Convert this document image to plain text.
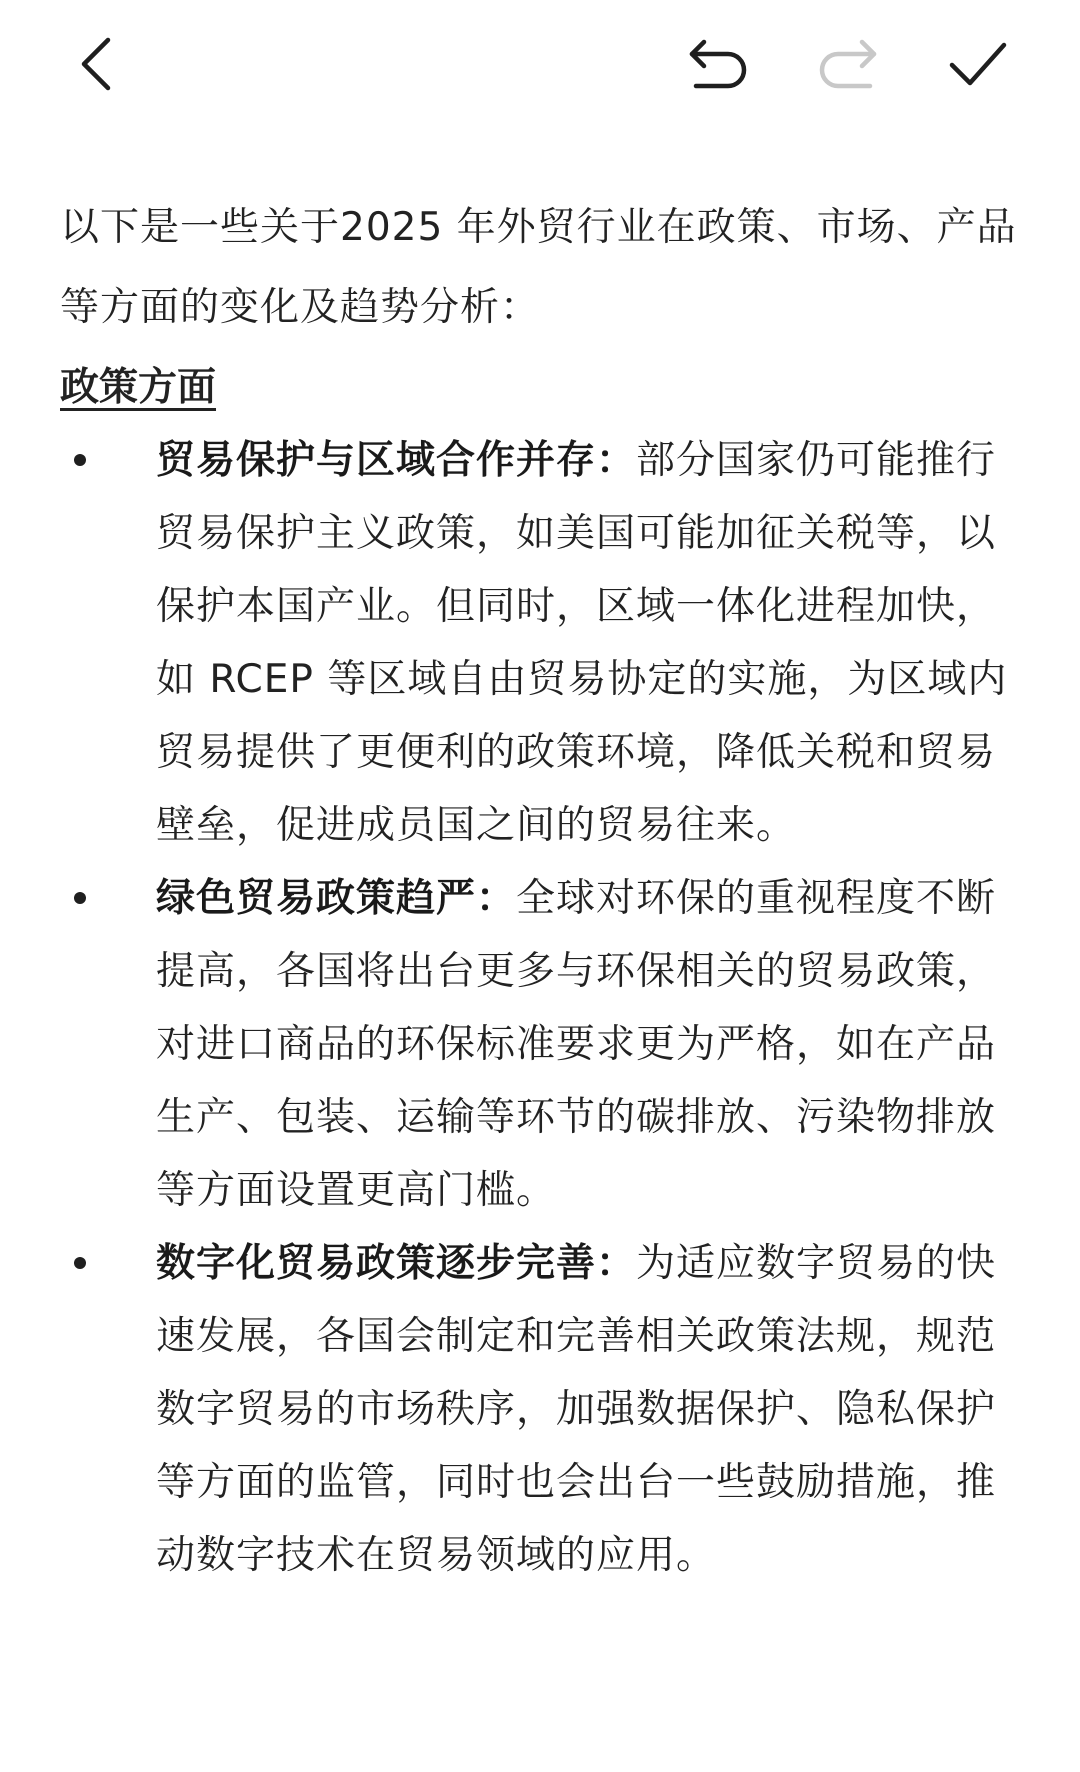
以下是一些关于2025 年外贸行业在政策、市场、产品等方面的变化及趋势分析：

政策方面
贸易保护与区域合作并存：部分国家仍可能推行贸易保护主义政策，如美国可能加征关税等，以保护本国产业。但同时，区域一体化进程加快，如 RCEP 等区域自由贸易协定的实施，为区域内贸易提供了更便利的政策环境，降低关税和贸易壁垒，促进成员国之间的贸易往来。
绿色贸易政策趋严：全球对环保的重视程度不断提高，各国将出台更多与环保相关的贸易政策，对进口商品的环保标准要求更为严格，如在产品生产、包装、运输等环节的碳排放、污染物排放等方面设置更高门槛。
数字化贸易政策逐步完善：为适应数字贸易的快速发展，各国会制定和完善相关政策法规，规范数字贸易的市场秩序，加强数据保护、隐私保护等方面的监管，同时也会出台一些鼓励措施，推动数字技术在贸易领域的应用。
